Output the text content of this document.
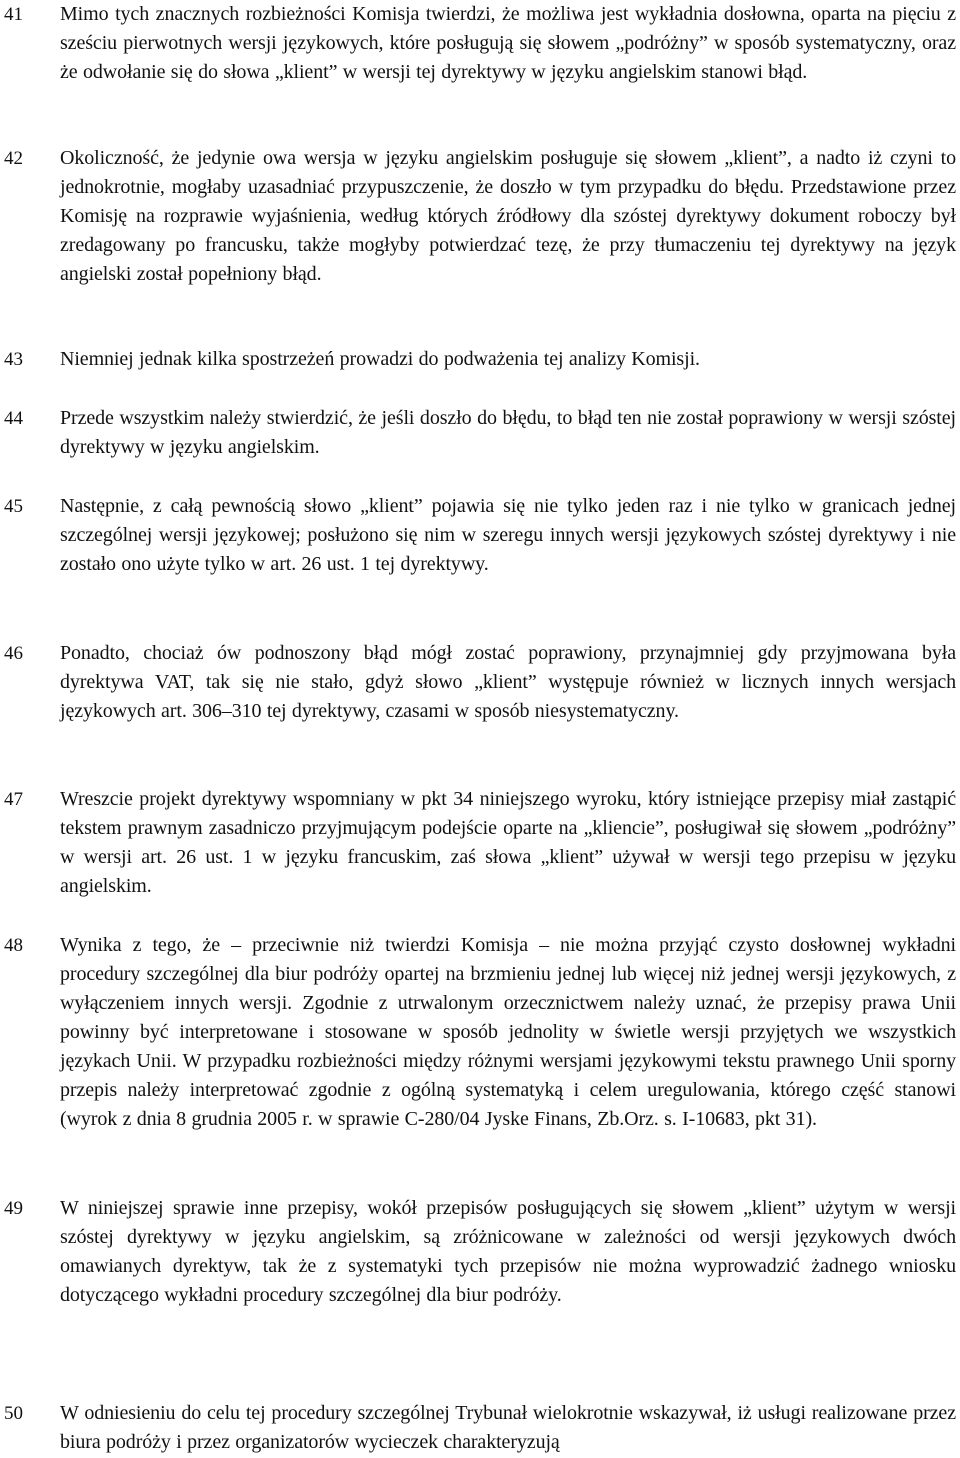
41	Mimo tych znacznych rozbieżności Komisja twierdzi, że możliwa jest wykładnia dosłowna, oparta na pięciu z sześciu pierwotnych wersji językowych, które posługują się słowem „podróżny” w sposób systematyczny, oraz że odwołanie się do słowa „klient” w wersji tej dyrektywy w języku angielskim stanowi błąd.
42	Okoliczność, że jedynie owa wersja w języku angielskim posługuje się słowem „klient”, a nadto iż czyni to jednokrotnie, mogłaby uzasadniać przypuszczenie, że doszło w tym przypadku do błędu. Przedstawione przez Komisję na rozprawie wyjaśnienia, według których źródłowy dla szóstej dyrektywy dokument roboczy był zredagowany po francusku, także mogłyby potwierdzać tezę, że przy tłumaczeniu tej dyrektywy na język angielski został popełniony błąd.
43	Niemniej jednak kilka spostrzeżeń prowadzi do podważenia tej analizy Komisji.
44	Przede wszystkim należy stwierdzić, że jeśli doszło do błędu, to błąd ten nie został poprawiony w wersji szóstej dyrektywy w języku angielskim.
45	Następnie, z całą pewnością słowo „klient” pojawia się nie tylko jeden raz i nie tylko w granicach jednej szczególnej wersji językowej; posłużono się nim w szeregu innych wersji językowych szóstej dyrektywy i nie zostało ono użyte tylko w art. 26 ust. 1 tej dyrektywy.
46	Ponadto, chociaż ów podnoszony błąd mógł zostać poprawiony, przynajmniej gdy przyjmowana była dyrektywa VAT, tak się nie stało, gdyż słowo „klient” występuje również w licznych innych wersjach językowych art. 306–310 tej dyrektywy, czasami w sposób niesystematyczny.
47	Wreszcie projekt dyrektywy wspomniany w pkt 34 niniejszego wyroku, który istniejące przepisy miał zastąpić tekstem prawnym zasadniczo przyjmującym podejście oparte na „kliencie”, posługiwał się słowem „podróżny” w wersji art. 26 ust. 1 w języku francuskim, zaś słowa „klient” używał w wersji tego przepisu w języku angielskim.
48	Wynika z tego, że – przeciwnie niż twierdzi Komisja – nie można przyjąć czysto dosłownej wykładni procedury szczególnej dla biur podróży opartej na brzmieniu jednej lub więcej niż jednej wersji językowych, z wyłączeniem innych wersji. Zgodnie z utrwalonym orzecznictwem należy uznać, że przepisy prawa Unii powinny być interpretowane i stosowane w sposób jednolity w świetle wersji przyjętych we wszystkich językach Unii. W przypadku rozbieżności między różnymi wersjami językowymi tekstu prawnego Unii sporny przepis należy interpretować zgodnie z ogólną systematyką i celem uregulowania, którego część stanowi (wyrok z dnia 8 grudnia 2005 r. w sprawie C-280/04 Jyske Finans, Zb.Orz. s. I-10683, pkt 31).
49	W niniejszej sprawie inne przepisy, wokół przepisów posługujących się słowem „klient” użytym w wersji szóstej dyrektywy w języku angielskim, są zróżnicowane w zależności od wersji językowych dwóch omawianych dyrektyw, tak że z systematyki tych przepisów nie można wyprowadzić żadnego wniosku dotyczącego wykładni procedury szczególnej dla biur podróży.
50	W odniesieniu do celu tej procedury szczególnej Trybunał wielokrotnie wskazywał, iż usługi realizowane przez biura podróży i przez organizatorów wycieczek charakteryzują
